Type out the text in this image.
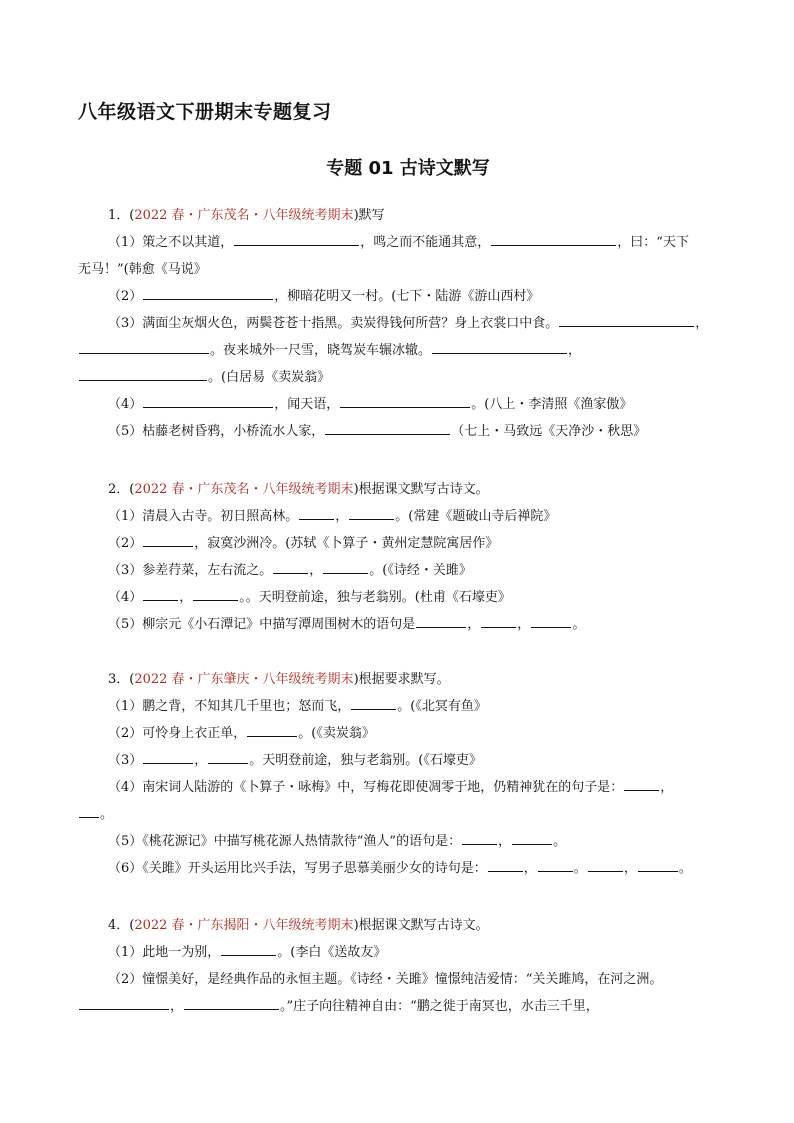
八年级语文下册期末专题复习
专题 01 古诗文默写
1．(2022 春・广东茂名・八年级统考期末)默写
（1）策之不以其道，	，鸣之而不能通其意，	，曰：“天下
无马！”(韩愈《马说》
（2）	，柳暗花明又一村。(七下・陆游《游山西村》
（3）满面尘灰烟火色，两鬓苍苍十指黑。卖炭得钱何所营？身上衣裳口中食。	，
。夜来城外一尺雪，晓驾炭车辗冰辙。	，
。(白居易《卖炭翁》
（4）	，闻天语，	。(八上・李清照《渔家傲》
（5）枯藤老树昏鸦，小桥流水人家，	（七上・马致远《天净沙・秋思》
2．(2022 春・广东茂名・八年级统考期末)根据课文默写古诗文。
（1）清晨入古寺。初日照高林。	，	。(常建《题破山寺后禅院》
（2）	，寂寞沙洲冷。(苏轼《卜算子・黄州定慧院寓居作》
（3）参差荇菜，左右流之。	，	。(《诗经・关雎》
（4）	，	。。天明登前途，独与老翁别。(杜甫《石壕吏》
（5）柳宗元《小石潭记》中描写潭周围树木的语句是	，	，	。
3．(2022 春・广东肇庆・八年级统考期末)根据要求默写。
（1）鹏之背，不知其几千里也；怒而飞，	。(《北冥有鱼》
（2）可怜身上衣正单，	。(《卖炭翁》
（3）	，	。天明登前途，独与老翁别。(《石壕吏》
（4）南宋词人陆游的《卜算子・咏梅》中，写梅花即使凋零于地，仍精神犹在的句子是：	，
。
（5）《桃花源记》中描写桃花源人热情款待“渔人”的语句是：	，	。
（6）《关雎》开头运用比兴手法，写男子思慕美丽少女的诗句是：	，	。	，	。
4．(2022 春・广东揭阳・八年级统考期末)根据课文默写古诗文。
（1）此地一为别，	。(李白《送故友》
（2）憧憬美好，是经典作品的永恒主题。《诗经・关雎》憧憬纯洁爱情：“关关雎鸠，在河之洲。
，	。”庄子向往精神自由：“鹏之徙于南冥也，水击三千里，
